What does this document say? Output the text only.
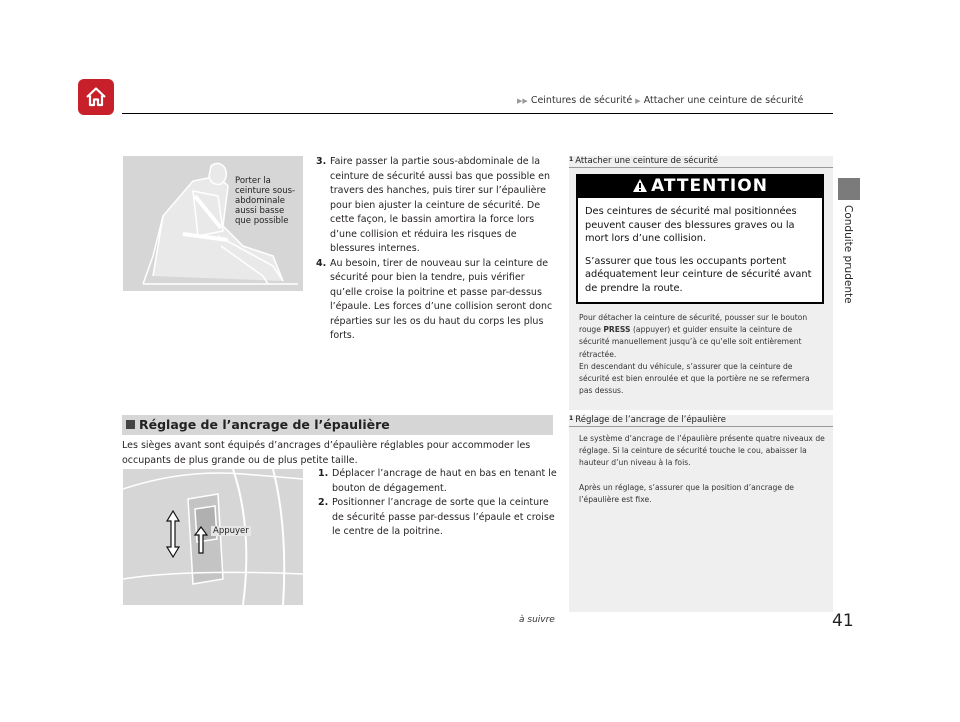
▶▶ Ceintures de sécurité ▶ Attacher une ceinture de sécurité
Conduite prudente
Porter la ceinture sous-abdominale aussi basse que possible
3. Faire passer la partie sous-abdominale de la ceinture de sécurité aussi bas que possible en travers des hanches, puis tirer sur l’épaulière pour bien ajuster la ceinture de sécurité. De cette façon, le bassin amortira la force lors d’une collision et réduira les risques de blessures internes.
4. Au besoin, tirer de nouveau sur la ceinture de sécurité pour bien la tendre, puis vérifier qu’elle croise la poitrine et passe par-dessus l’épaule. Les forces d’une collision seront donc réparties sur les os du haut du corps les plus forts.
1 Attacher une ceinture de sécurité
ATTENTION

Des ceintures de sécurité mal positionnées peuvent causer des blessures graves ou la mort lors d’une collision.

S’assurer que tous les occupants portent adéquatement leur ceinture de sécurité avant de prendre la route.

Pour détacher la ceinture de sécurité, pousser sur le bouton rouge PRESS (appuyer) et guider ensuite la ceinture de sécurité manuellement jusqu’à ce qu’elle soit entièrement rétractée.

En descendant du véhicule, s’assurer que la ceinture de sécurité est bien enroulée et que la portière ne se refermera pas dessus.

Réglage de l’ancrage de l’épaulière
Les sièges avant sont équipés d’ancrages d’épaulière réglables pour accommoder les occupants de plus grande ou de plus petite taille.
Appuyer
1. Déplacer l’ancrage de haut en bas en tenant le bouton de dégagement.
2. Positionner l’ancrage de sorte que la ceinture de sécurité passe par-dessus l’épaule et croise le centre de la poitrine.
1 Réglage de l’ancrage de l’épaulière

Le système d’ancrage de l’épaulière présente quatre niveaux de réglage. Si la ceinture de sécurité touche le cou, abaisser la hauteur d’un niveau à la fois.

Après un réglage, s’assurer que la position d’ancrage de l’épaulière est fixe.

à suivre	41
